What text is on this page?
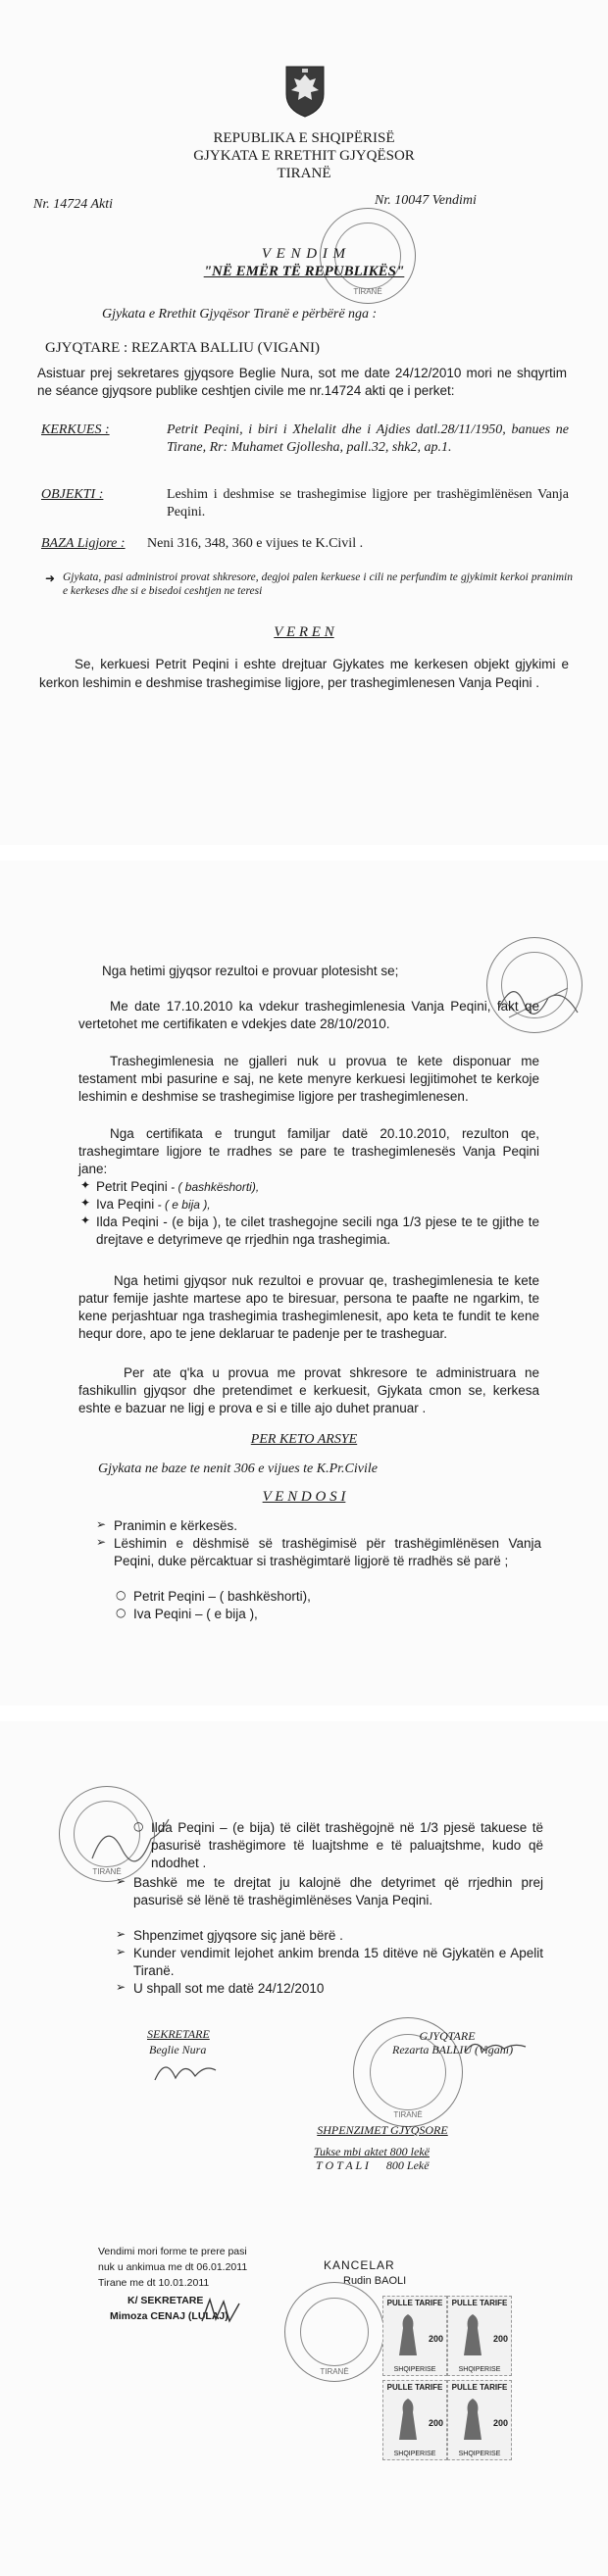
REPUBLIKA E SHQIPËRISË
GJYKATA E RRETHIT GJYQËSOR
TIRANË
Nr. 14724 Akti	Nr. 10047 Vendimi
TIRANË
V E N D I M
"NË EMËR TË REPUBLIKËS"
Gjykata e Rrethit Gjyqësor Tiranë e përbërë nga :
GJYQTARE : REZARTA BALLIU (VIGANI)
Asistuar prej sekretares gjyqsore Beglie Nura, sot me date 24/12/2010 mori ne shqyrtim ne séance gjyqsore publike ceshtjen civile me nr.14724 akti qe i perket:
KERKUES :	Petrit Peqini, i biri i Xhelalit dhe i Ajdies datl.28/11/1950, banues ne Tirane, Rr: Muhamet Gjollesha, pall.32, shk2, ap.1.
OBJEKTI :	Leshim i deshmise se trashegimise ligjore per trashëgimlënësen Vanja Peqini.
BAZA Ligjore : Neni 316, 348, 360 e vijues te K.Civil .
➜ Gjykata, pasi administroi provat shkresore, degjoi palen kerkuese i cili ne perfundim te gjykimit kerkoi pranimin e kerkeses dhe si e bisedoi ceshtjen ne teresi
V E R E N
Se, kerkuesi Petrit Peqini i eshte drejtuar Gjykates me kerkesen objekt gjykimi e kerkon leshimin e deshmise trashegimise ligjore, per trashegimlenesen Vanja Peqini .
Nga hetimi gjyqsor rezultoi e provuar plotesisht se;
Me date 17.10.2010 ka vdekur trashegimlenesia Vanja Peqini, fakt qe vertetohet me certifikaten e vdekjes date 28/10/2010.
Trashegimlenesia ne gjalleri nuk u provua te kete disponuar me testament mbi pasurine e saj, ne kete menyre kerkuesi legjitimohet te kerkoje leshimin e deshmise se trashegimise ligjore per trashegimlenesen.
Nga certifikata e trungut familjar datë 20.10.2010, rezulton qe, trashegimtare ligjore te rradhes se pare te trashegimlenesës Vanja Peqini jane:
✦ Petrit Peqini - ( bashkëshorti),
✦ Iva Peqini - ( e bija ),
✦ Ilda Peqini - (e bija ), te cilet trashegojne secili nga 1/3 pjese te te gjithe te drejtave e detyrimeve qe rrjedhin nga trashegimia.
Nga hetimi gjyqsor nuk rezultoi e provuar qe, trashegimlenesia te kete patur femije jashte martese apo te biresuar, persona te paafte ne ngarkim, te kene perjashtuar nga trashegimia trashegimlenesit, apo keta te fundit te kene hequr dore, apo te jene deklaruar te padenje per te trasheguar.
Per ate q'ka u provua me provat shkresore te administruara ne fashikullin gjyqsor dhe pretendimet e kerkuesit, Gjykata cmon se, kerkesa eshte e bazuar ne ligj e prova e si e tille ajo duhet pranuar .
PER KETO ARSYE
Gjykata ne baze te nenit 306 e vijues te K.Pr.Civile
V E N D O S I
➢ Pranimin e kërkesës.
➢ Lëshimin e dëshmisë së trashëgimisë për trashëgimlënësen Vanja Peqini, duke përcaktuar si trashëgimtarë ligjorë të rradhës së parë ;
○ Petrit Peqini – ( bashkëshorti),
○ Iva Peqini – ( e bija ),
TIRANË
○ Ilda Peqini – (e bija) të cilët trashëgojnë në 1/3 pjesë takuese të pasurisë trashëgimore të luajtshme e të paluajtshme, kudo që ndodhet .
➢ Bashkë me te drejtat ju kalojnë dhe detyrimet që rrjedhin prej pasurisë së lënë të trashëgimlënëses Vanja Peqini.
➢ Shpenzimet gjyqsore siç janë bërë .
➢ Kunder vendimit lejohet ankim brenda 15 ditëve në Gjykatën e Apelit Tiranë.
➢ U shpall sot me datë 24/12/2010
SEKRETARE
Beglie Nura
TIRANË
GJYQTARE
Rezarta BALLIU (Vigani)
SHPENZIMET GJYQSORE
Tukse mbi aktet 800 lekë
T O T A L I      800 Lekë
Vendimi mori forme te prere pasi
nuk u ankimua me dt 06.01.2011
Tirane me dt 10.01.2011
K/ SEKRETARE
Mimoza CENAJ (LULAJ)
KANCELAR
Rudin BAOLI
TIRANË
PULLE TARIFE
200
SHQIPERISE
PULLE TARIFE
200
SHQIPERISE
PULLE TARIFE
200
SHQIPERISE
PULLE TARIFE
200
SHQIPERISE
